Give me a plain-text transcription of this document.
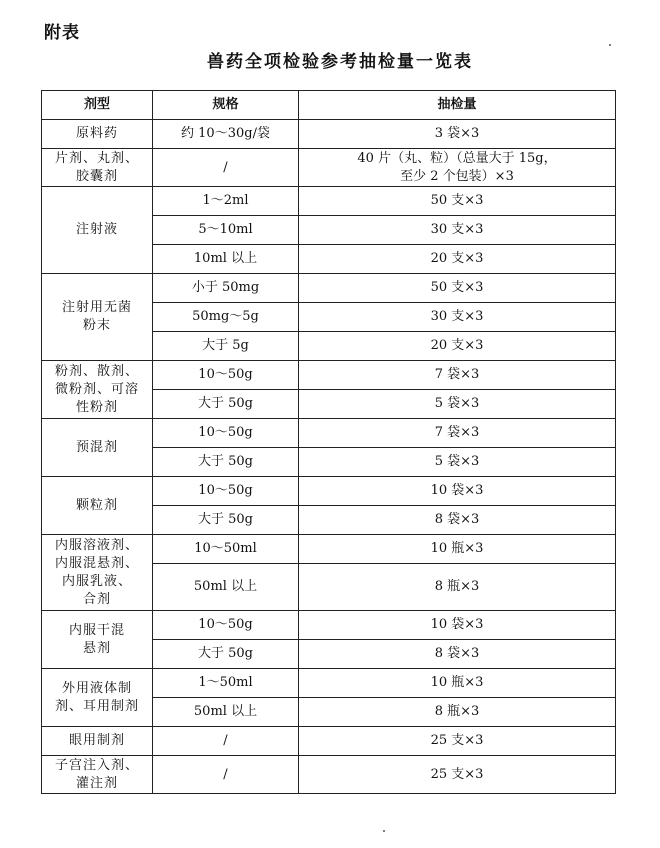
附表
兽药全项检验参考抽检量一览表
剂型	规格	抽检量
原料药	约 10～30g/袋	3 袋×3
片剂、丸剂、
胶囊剂	/	40 片（丸、粒）（总量大于 15g，
至少 2 个包装）×3
注射液	1～2ml	50 支×3
	5～10ml	30 支×3
	10ml 以上	20 支×3
注射用无菌
粉末	小于 50mg	50 支×3
	50mg～5g	30 支×3
	大于 5g	20 支×3
粉剂、散剂、
微粉剂、可溶
性粉剂	10～50g	7 袋×3
	大于 50g	5 袋×3
预混剂	10～50g	7 袋×3
	大于 50g	5 袋×3
颗粒剂	10～50g	10 袋×3
	大于 50g	8 袋×3
内服溶液剂、
内服混悬剂、
内服乳液、
合剂	10～50ml	10 瓶×3
	50ml 以上	8 瓶×3
内服干混
悬剂	10～50g	10 袋×3
	大于 50g	8 袋×3
外用液体制
剂、耳用制剂	1～50ml	10 瓶×3
	50ml 以上	8 瓶×3
眼用制剂	/	25 支×3
子宫注入剂、
灌注剂	/	25 支×3
